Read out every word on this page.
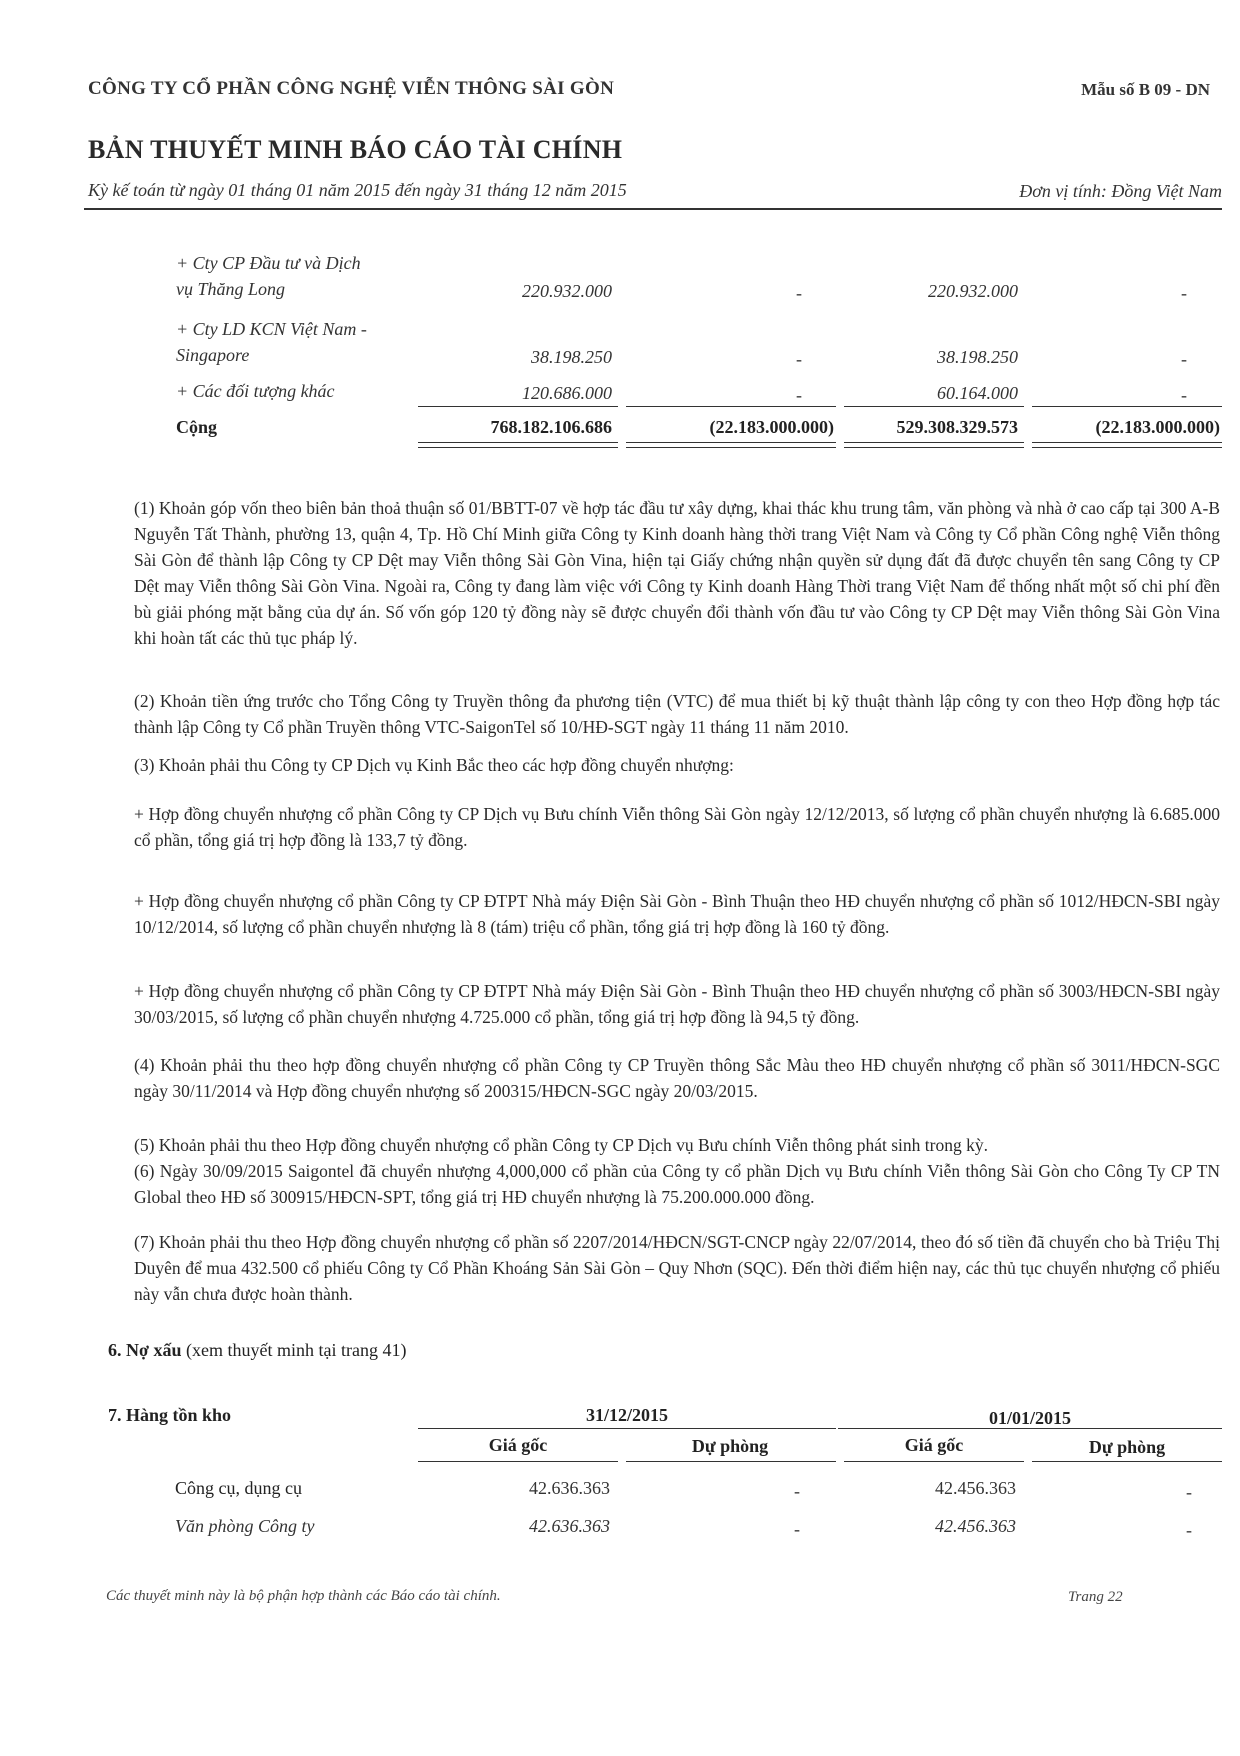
CÔNG TY CỔ PHẦN CÔNG NGHỆ VIỄN THÔNG SÀI GÒN	Mẫu số B 09 - DN
BẢN THUYẾT MINH BÁO CÁO TÀI CHÍNH
Kỳ kế toán từ ngày 01 tháng 01 năm 2015 đến ngày 31 tháng 12 năm 2015	Đơn vị tính: Đồng Việt Nam
+ Cty CP Đầu tư và Dịch
vụ Thăng Long	220.932.000	-	220.932.000	-
+ Cty LD KCN Việt Nam -
Singapore	38.198.250	-	38.198.250	-
+ Các đối tượng khác	120.686.000	-	60.164.000	-
Cộng	768.182.106.686	(22.183.000.000)	529.308.329.573	(22.183.000.000)
(1) Khoản góp vốn theo biên bản thoả thuận số 01/BBTT-07 về hợp tác đầu tư xây dựng, khai thác khu trung tâm, văn phòng và nhà ở cao cấp tại 300 A-B Nguyễn Tất Thành, phường 13, quận 4, Tp. Hồ Chí Minh giữa Công ty Kinh doanh hàng thời trang Việt Nam và Công ty Cổ phần Công nghệ Viễn thông Sài Gòn để thành lập Công ty CP Dệt may Viễn thông Sài Gòn Vina, hiện tại Giấy chứng nhận quyền sử dụng đất đã được chuyển tên sang Công ty CP Dệt may Viễn thông Sài Gòn Vina. Ngoài ra, Công ty đang làm việc với Công ty Kinh doanh Hàng Thời trang Việt Nam để thống nhất một số chi phí đền bù giải phóng mặt bằng của dự án. Số vốn góp 120 tỷ đồng này sẽ được chuyển đổi thành vốn đầu tư vào Công ty CP Dệt may Viễn thông Sài Gòn Vina khi hoàn tất các thủ tục pháp lý.
(2) Khoản tiền ứng trước cho Tổng Công ty Truyền thông đa phương tiện (VTC) để mua thiết bị kỹ thuật thành lập công ty con theo Hợp đồng hợp tác thành lập Công ty Cổ phần Truyền thông VTC-SaigonTel số 10/HĐ-SGT ngày 11 tháng 11 năm 2010.
(3) Khoản phải thu Công ty CP Dịch vụ Kinh Bắc theo các hợp đồng chuyển nhượng:
+ Hợp đồng chuyển nhượng cổ phần Công ty CP Dịch vụ Bưu chính Viễn thông Sài Gòn ngày 12/12/2013, số lượng cổ phần chuyển nhượng là 6.685.000 cổ phần, tổng giá trị hợp đồng là 133,7 tỷ đồng.
+ Hợp đồng chuyển nhượng cổ phần Công ty CP ĐTPT Nhà máy Điện Sài Gòn - Bình Thuận theo HĐ chuyển nhượng cổ phần số 1012/HĐCN-SBI ngày 10/12/2014, số lượng cổ phần chuyển nhượng là 8 (tám) triệu cổ phần, tổng giá trị hợp đồng là 160 tỷ đồng.
+ Hợp đồng chuyển nhượng cổ phần Công ty CP ĐTPT Nhà máy Điện Sài Gòn - Bình Thuận theo HĐ chuyển nhượng cổ phần số 3003/HĐCN-SBI ngày 30/03/2015, số lượng cổ phần chuyển nhượng 4.725.000 cổ phần, tổng giá trị hợp đồng là 94,5 tỷ đồng.
(4) Khoản phải thu theo hợp đồng chuyển nhượng cổ phần Công ty CP Truyền thông Sắc Màu theo HĐ chuyển nhượng cổ phần số 3011/HĐCN-SGC ngày 30/11/2014 và Hợp đồng chuyển nhượng số 200315/HĐCN-SGC ngày 20/03/2015.
(5) Khoản phải thu theo Hợp đồng chuyển nhượng cổ phần Công ty CP Dịch vụ Bưu chính Viễn thông phát sinh trong kỳ.
(6) Ngày 30/09/2015 Saigontel đã chuyển nhượng 4,000,000 cổ phần của Công ty cổ phần Dịch vụ Bưu chính Viễn thông Sài Gòn cho Công Ty CP TN Global theo HĐ số 300915/HĐCN-SPT, tổng giá trị HĐ chuyển nhượng là 75.200.000.000 đồng.
(7) Khoản phải thu theo Hợp đồng chuyển nhượng cổ phần số 2207/2014/HĐCN/SGT-CNCP ngày 22/07/2014, theo đó số tiền đã chuyển cho bà Triệu Thị Duyên để mua 432.500 cổ phiếu Công ty Cổ Phần Khoáng Sản Sài Gòn – Quy Nhơn (SQC). Đến thời điểm hiện nay, các thủ tục chuyển nhượng cổ phiếu này vẫn chưa được hoàn thành.
6. Nợ xấu (xem thuyết minh tại trang 41)
7. Hàng tồn kho	31/12/2015	01/01/2015
Giá gốc	Dự phòng	Giá gốc	Dự phòng
Công cụ, dụng cụ	42.636.363	-	42.456.363	-
Văn phòng Công ty	42.636.363	-	42.456.363	-
Các thuyết minh này là bộ phận hợp thành các Báo cáo tài chính.	Trang 22
